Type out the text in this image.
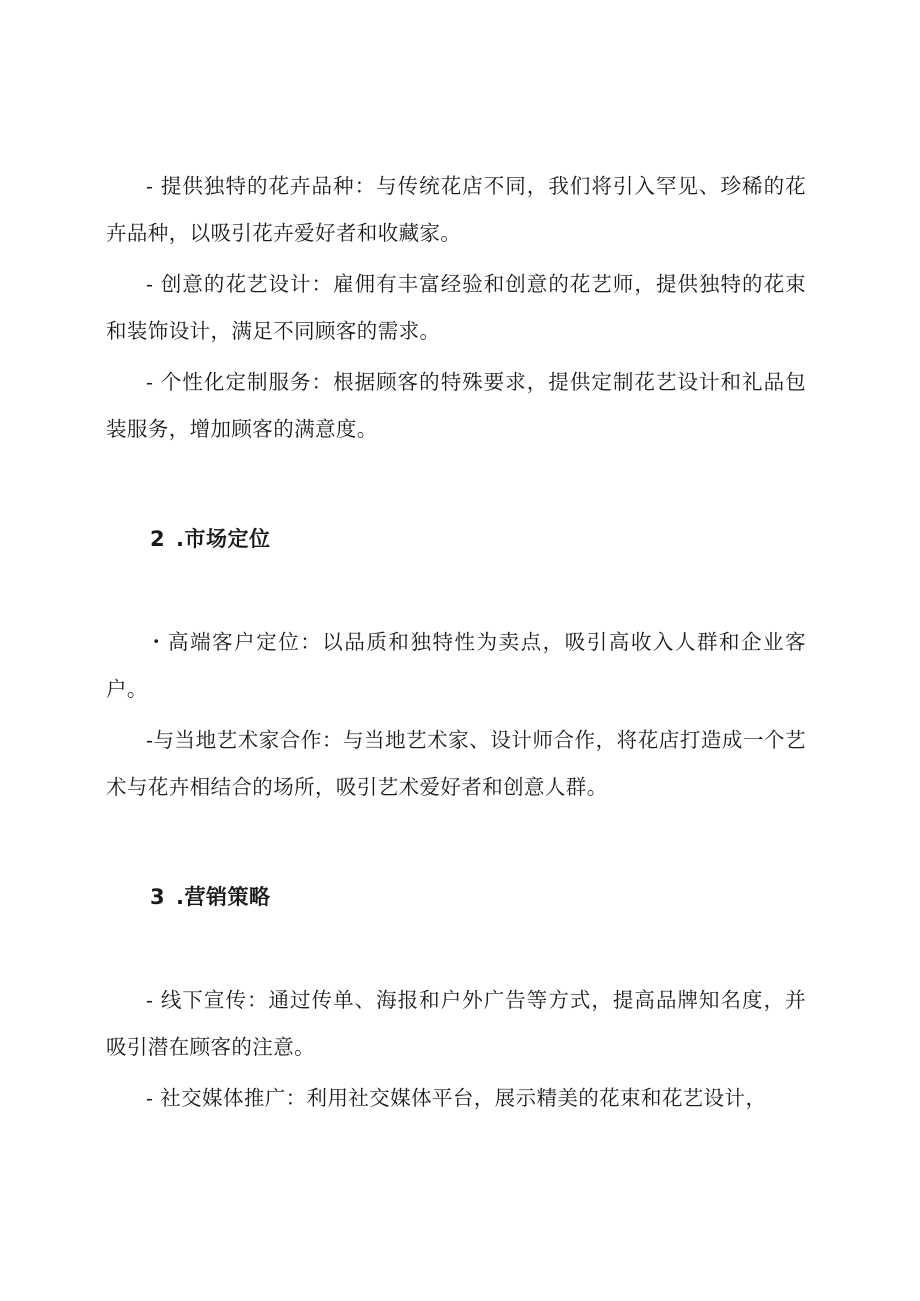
- 提供独特的花卉品种：与传统花店不同，我们将引入罕见、珍稀的花卉品种，以吸引花卉爱好者和收藏家。

- 创意的花艺设计：雇佣有丰富经验和创意的花艺师，提供独特的花束和装饰设计，满足不同顾客的需求。

- 个性化定制服务：根据顾客的特殊要求，提供定制花艺设计和礼品包装服务，增加顾客的满意度。

2 .市场定位

・高端客户定位：以品质和独特性为卖点，吸引高收入人群和企业客户。

-与当地艺术家合作：与当地艺术家、设计师合作，将花店打造成一个艺术与花卉相结合的场所，吸引艺术爱好者和创意人群。

3 .营销策略

- 线下宣传：通过传单、海报和户外广告等方式，提高品牌知名度，并吸引潜在顾客的注意。

- 社交媒体推广：利用社交媒体平台，展示精美的花束和花艺设计，
